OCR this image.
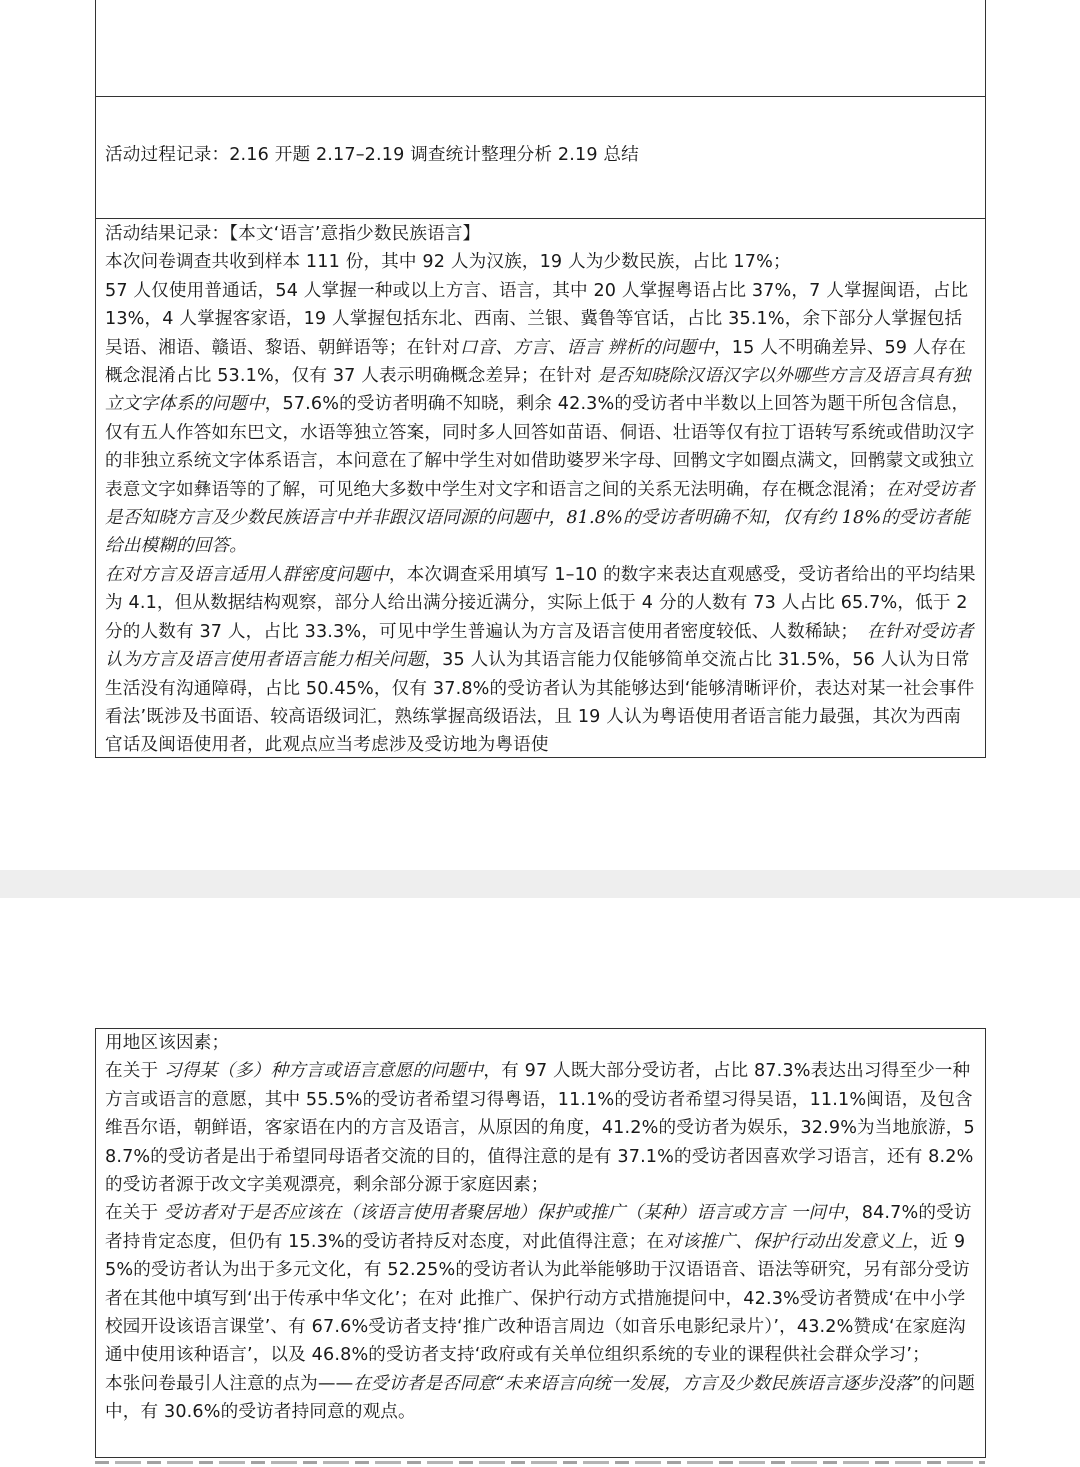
活动过程记录：2.16 开题 2.17–2.19 调查统计整理分析 2.19 总结

活动结果记录：【本文‘语言’意指少数民族语言】

本次问卷调查共收到样本 111 份，其中 92 人为汉族，19 人为少数民族，占比 17%；

57 人仅使用普通话，54 人掌握一种或以上方言、语言，其中 20 人掌握粤语占比 37%，7 人掌握闽语，占比 13%，4 人掌握客家语，19 人掌握包括东北、西南、兰银、冀鲁等官话，占比 35.1%，余下部分人掌握包括吴语、湘语、赣语、黎语、朝鲜语等；在针对口音、方言、语言 辨析的问题中，15 人不明确差异、59 人存在概念混淆占比 53.1%，仅有 37 人表示明确概念差异；在针对 是否知晓除汉语汉字以外哪些方言及语言具有独立文字体系的问题中，57.6%的受访者明确不知晓，剩余 42.3%的受访者中半数以上回答为题干所包含信息，仅有五人作答如东巴文，水语等独立答案，同时多人回答如苗语、侗语、壮语等仅有拉丁语转写系统或借助汉字的非独立系统文字体系语言，本问意在了解中学生对如借助婆罗米字母、回鹘文字如圈点满文，回鹘蒙文或独立表意文字如彝语等的了解，可见绝大多数中学生对文字和语言之间的关系无法明确，存在概念混淆；在对受访者是否知晓方言及少数民族语言中并非跟汉语同源的问题中，81.8%的受访者明确不知，仅有约 18%的受访者能给出模糊的回答。

在对方言及语言适用人群密度问题中，本次调查采用填写 1–10 的数字来表达直观感受，受访者给出的平均结果为 4.1，但从数据结构观察，部分人给出满分接近满分，实际上低于 4 分的人数有 73 人占比 65.7%，低于 2 分的人数有 37 人，占比 33.3%，可见中学生普遍认为方言及语言使用者密度较低、人数稀缺；　在针对受访者认为方言及语言使用者语言能力相关问题，35 人认为其语言能力仅能够简单交流占比 31.5%，56 人认为日常生活没有沟通障碍，占比 50.45%，仅有 37.8%的受访者认为其能够达到‘能够清晰评价，表达对某一社会事件看法’既涉及书面语、较高语级词汇，熟练掌握高级语法，且 19 人认为粤语使用者语言能力最强，其次为西南官话及闽语使用者，此观点应当考虑涉及受访地为粤语使

用地区该因素；

在关于 习得某（多）种方言或语言意愿的问题中，有 97 人既大部分受访者，占比 87.3%表达出习得至少一种方言或语言的意愿，其中 55.5%的受访者希望习得粤语，11.1%的受访者希望习得吴语，11.1%闽语，及包含维吾尔语，朝鲜语，客家语在内的方言及语言，从原因的角度，41.2%的受访者为娱乐，32.9%为当地旅游，58.7%的受访者是出于希望同母语者交流的目的，值得注意的是有 37.1%的受访者因喜欢学习语言，还有 8.2%的受访者源于改文字美观漂亮，剩余部分源于家庭因素；

在关于 受访者对于是否应该在（该语言使用者聚居地）保护或推广（某种）语言或方言 一问中，84.7%的受访者持肯定态度，但仍有 15.3%的受访者持反对态度，对此值得注意；在对该推广、保护行动出发意义上，近 95%的受访者认为出于多元文化，有 52.25%的受访者认为此举能够助于汉语语音、语法等研究，另有部分受访者在其他中填写到‘出于传承中华文化’；在对 此推广、保护行动方式措施提问中，42.3%受访者赞成‘在中小学校园开设该语言课堂’、有 67.6%受访者支持‘推广改种语言周边（如音乐电影纪录片）’，43.2%赞成‘在家庭沟通中使用该种语言’，以及 46.8%的受访者支持‘政府或有关单位组织系统的专业的课程供社会群众学习’；

本张问卷最引人注意的点为——在受访者是否同意“未来语言向统一发展，方言及少数民族语言逐步没落”的问题中，有 30.6%的受访者持同意的观点。
